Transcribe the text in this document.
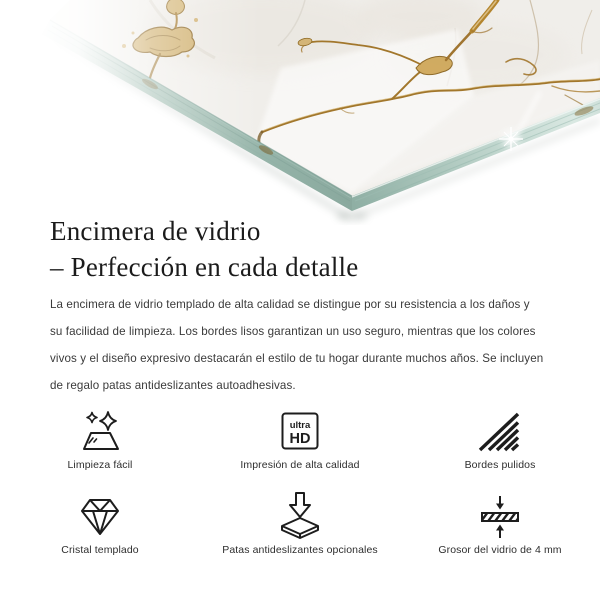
Encimera de vidrio
– Perfección en cada detalle
La encimera de vidrio templado de alta calidad se distingue por su resistencia a los daños y
su facilidad de limpieza. Los bordes lisos garantizan un uso seguro, mientras que los colores
vivos y el diseño expresivo destacarán el estilo de tu hogar durante muchos años. Se incluyen
de regalo patas antideslizantes autoadhesivas.
Limpieza fácil
ultra
HD
Impresión de alta calidad	Bordes pulidos
Cristal templado	Patas antideslizantes opcionales	Grosor del vidrio de 4 mm
